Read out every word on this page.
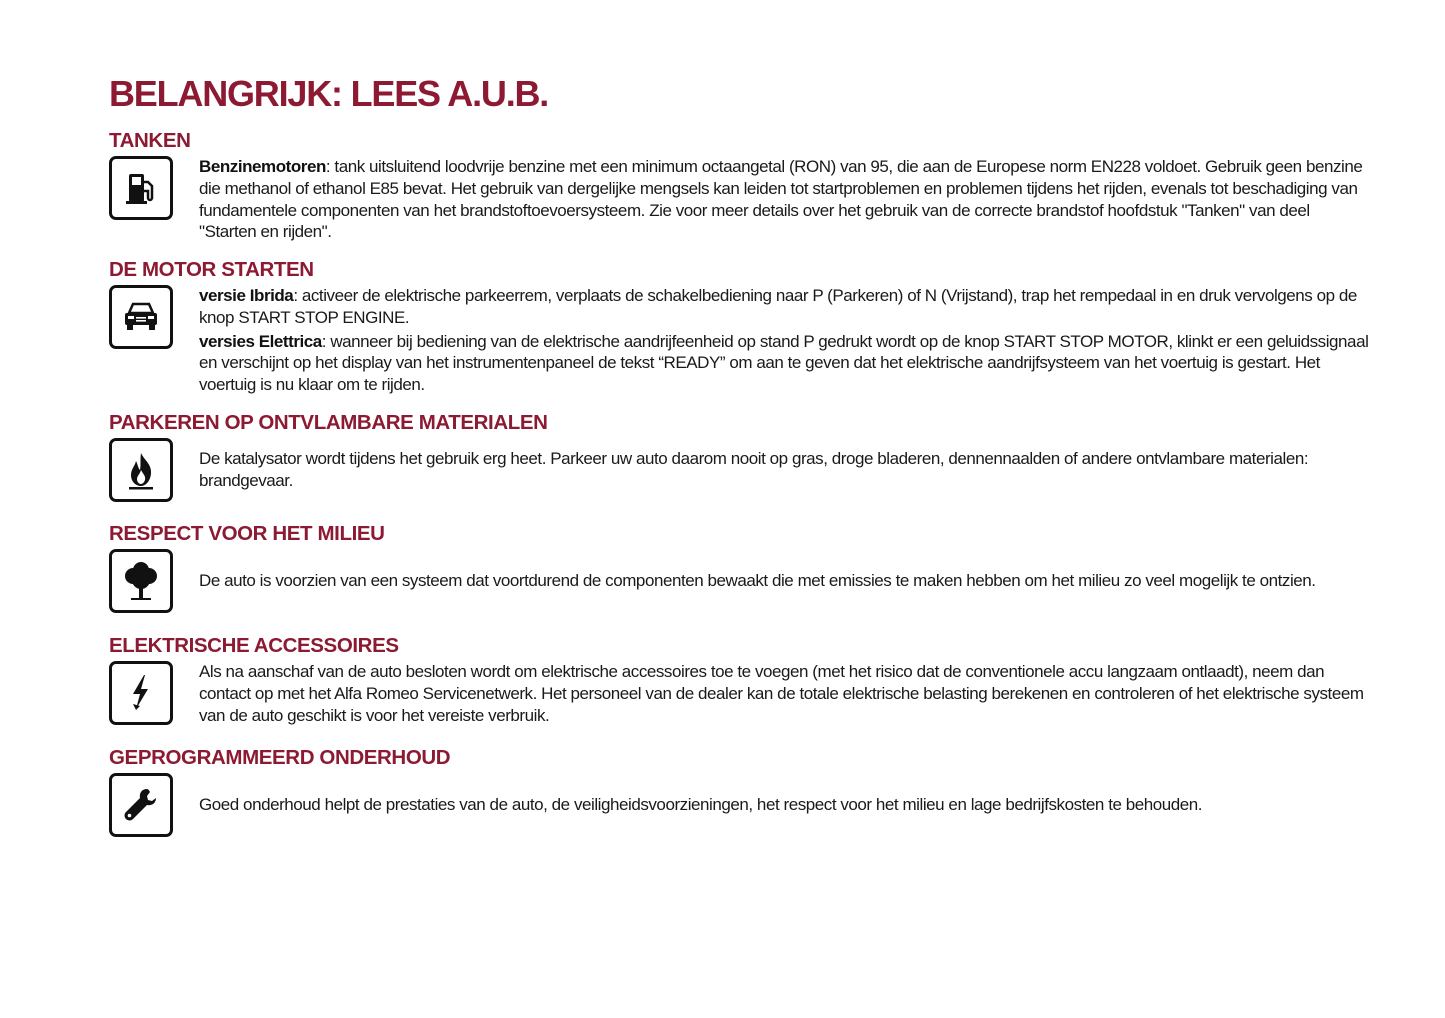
BELANGRIJK: LEES A.U.B.
TANKEN

Benzinemotoren: tank uitsluitend loodvrije benzine met een minimum octaangetal (RON) van 95, die aan de Europese norm EN228 voldoet. Gebruik geen benzine die methanol of ethanol E85 bevat. Het gebruik van dergelijke mengsels kan leiden tot startproblemen en problemen tijdens het rijden, evenals tot beschadiging van fundamentele componenten van het brandstoftoevoersysteem. Zie voor meer details over het gebruik van de correcte brandstof hoofdstuk "Tanken" van deel "Starten en rijden".

DE MOTOR STARTEN

versie Ibrida: activeer de elektrische parkeerrem, verplaats de schakelbediening naar P (Parkeren) of N (Vrijstand), trap het rempedaal in en druk vervolgens op de knop START STOP ENGINE.

versies Elettrica: wanneer bij bediening van de elektrische aandrijfeenheid op stand P gedrukt wordt op de knop START STOP MOTOR, klinkt er een geluidssignaal en verschijnt op het display van het instrumentenpaneel de tekst “READY” om aan te geven dat het elektrische aandrijfsysteem van het voertuig is gestart. Het voertuig is nu klaar om te rijden.

PARKEREN OP ONTVLAMBARE MATERIALEN

De katalysator wordt tijdens het gebruik erg heet. Parkeer uw auto daarom nooit op gras, droge bladeren, dennennaalden of andere ontvlambare materialen: brandgevaar.

RESPECT VOOR HET MILIEU

De auto is voorzien van een systeem dat voortdurend de componenten bewaakt die met emissies te maken hebben om het milieu zo veel mogelijk te ontzien.

ELEKTRISCHE ACCESSOIRES

Als na aanschaf van de auto besloten wordt om elektrische accessoires toe te voegen (met het risico dat de conventionele accu langzaam ontlaadt), neem dan contact op met het Alfa Romeo Servicenetwerk. Het personeel van de dealer kan de totale elektrische belasting berekenen en controleren of het elektrische systeem van de auto geschikt is voor het vereiste verbruik.

GEPROGRAMMEERD ONDERHOUD

Goed onderhoud helpt de prestaties van de auto, de veiligheidsvoorzieningen, het respect voor het milieu en lage bedrijfskosten te behouden.
